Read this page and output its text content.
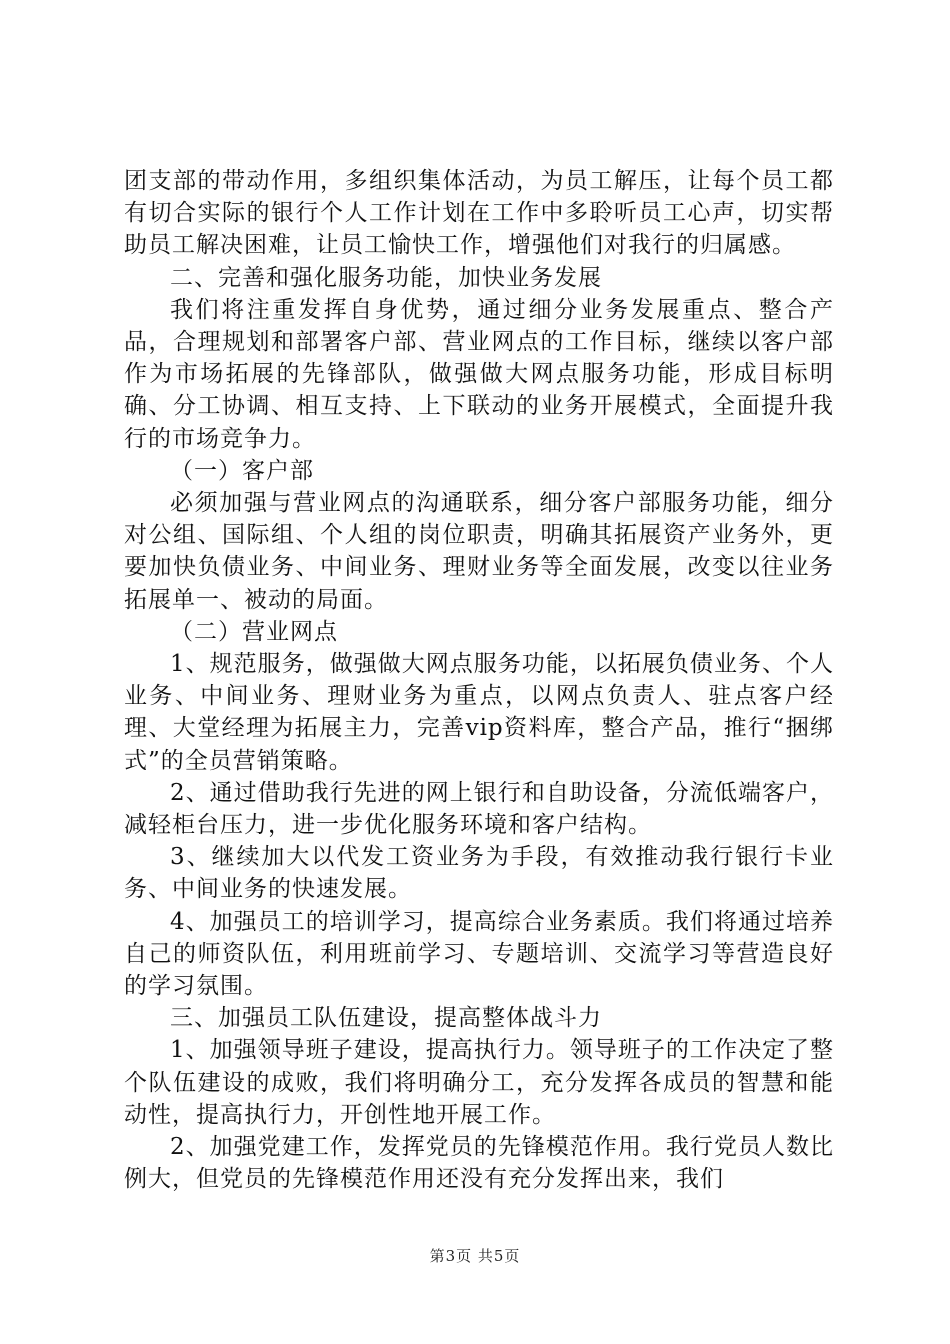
团支部的带动作用，多组织集体活动，为员工解压，让每个员工都有切合实际的银行个人工作计划在工作中多聆听员工心声，切实帮助员工解决困难，让员工愉快工作，增强他们对我行的归属感。

二、完善和强化服务功能，加快业务发展

我们将注重发挥自身优势，通过细分业务发展重点、整合产品，合理规划和部署客户部、营业网点的工作目标，继续以客户部作为市场拓展的先锋部队，做强做大网点服务功能，形成目标明确、分工协调、相互支持、上下联动的业务开展模式，全面提升我行的市场竞争力。

（一）客户部

必须加强与营业网点的沟通联系，细分客户部服务功能，细分对公组、国际组、个人组的岗位职责，明确其拓展资产业务外，更要加快负债业务、中间业务、理财业务等全面发展，改变以往业务拓展单一、被动的局面。

（二）营业网点

1、规范服务，做强做大网点服务功能，以拓展负债业务、个人业务、中间业务、理财业务为重点，以网点负责人、驻点客户经理、大堂经理为拓展主力，完善vip资料库，整合产品，推行“捆绑式”的全员营销策略。

2、通过借助我行先进的网上银行和自助设备，分流低端客户，减轻柜台压力，进一步优化服务环境和客户结构。

3、继续加大以代发工资业务为手段，有效推动我行银行卡业务、中间业务的快速发展。

4、加强员工的培训学习，提高综合业务素质。我们将通过培养自己的师资队伍，利用班前学习、专题培训、交流学习等营造良好的学习氛围。

三、加强员工队伍建设，提高整体战斗力

1、加强领导班子建设，提高执行力。领导班子的工作决定了整个队伍建设的成败，我们将明确分工，充分发挥各成员的智慧和能动性，提高执行力，开创性地开展工作。

2、加强党建工作，发挥党员的先锋模范作用。我行党员人数比例大，但党员的先锋模范作用还没有充分发挥出来，我们

第3页 共5页
